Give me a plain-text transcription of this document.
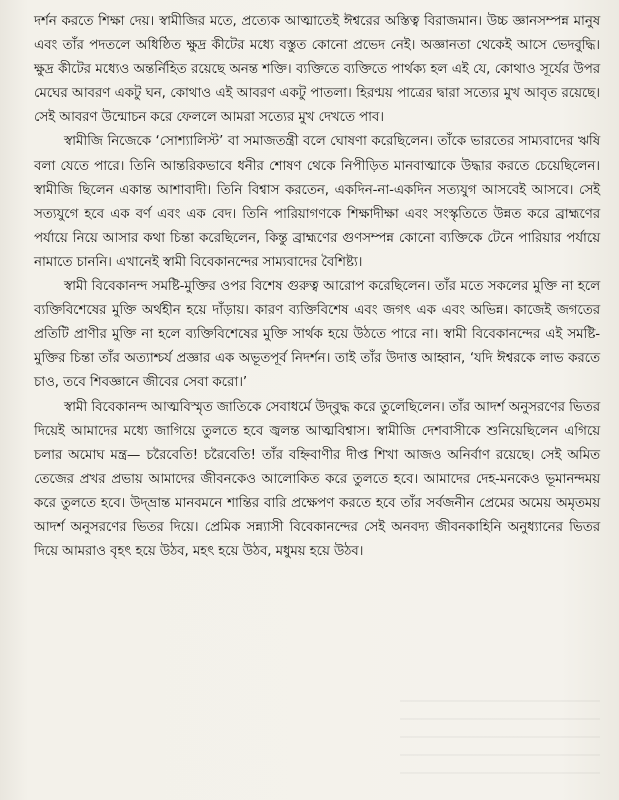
দর্শন করতে শিক্ষা দেয়। স্বামীজির মতে, প্রত্যেক আত্মাতেই ঈশ্বরের অস্তিত্ব বিরাজমান। উচ্চ জ্ঞানসম্পন্ন মানুষ এবং তাঁর পদতলে অধিষ্ঠিত ক্ষুদ্র কীটের মধ্যে বস্তুত কোনো প্রভেদ নেই। অজ্ঞানতা থেকেই আসে ভেদবুদ্ধি। ক্ষুদ্র কীটের মধ্যেও অন্তর্নিহিত রয়েছে অনন্ত শক্তি। ব্যক্তিতে ব্যক্তিতে পার্থক্য হল এই যে, কোথাও সূর্যের উপর মেঘের আবরণ একটু ঘন, কোথাও এই আবরণ একটু পাতলা। হিরণ্ময় পাত্রের দ্বারা সত্যের মুখ আবৃত রয়েছে। সেই আবরণ উন্মোচন করে ফেললে আমরা সত্যের মুখ দেখতে পাব।

স্বামীজি নিজেকে ‘সোশ্যালিস্ট’ বা সমাজতন্ত্রী বলে ঘোষণা করেছিলেন। তাঁকে ভারতের সাম্যবাদের ঋষি বলা যেতে পারে। তিনি আন্তরিকভাবে ধনীর শোষণ থেকে নিপীড়িত মানবাত্মাকে উদ্ধার করতে চেয়েছিলেন। স্বামীজি ছিলেন একান্ত আশাবাদী। তিনি বিশ্বাস করতেন, একদিন-না-একদিন সত্যযুগ আসবেই আসবে। সেই সত্যযুগে হবে এক বর্ণ এবং এক বেদ। তিনি পারিয়াগণকে শিক্ষাদীক্ষা এবং সংস্কৃতিতে উন্নত করে ব্রাহ্মণের পর্যায়ে নিয়ে আসার কথা চিন্তা করেছিলেন, কিন্তু ব্রাহ্মণের গুণসম্পন্ন কোনো ব্যক্তিকে টেনে পারিয়ার পর্যায়ে নামাতে চাননি। এখানেই স্বামী বিবেকানন্দের সাম্যবাদের বৈশিষ্ট্য।

স্বামী বিবেকানন্দ সমষ্টি-মুক্তির ওপর বিশেষ গুরুত্ব আরোপ করেছিলেন। তাঁর মতে সকলের মুক্তি না হলে ব্যক্তিবিশেষের মুক্তি অর্থহীন হয়ে দাঁড়ায়। কারণ ব্যক্তিবিশেষ এবং জগৎ এক এবং অভিন্ন। কাজেই জগতের প্রতিটি প্রাণীর মুক্তি না হলে ব্যক্তিবিশেষের মুক্তি সার্থক হয়ে উঠতে পারে না। স্বামী বিবেকানন্দের এই সমষ্টি-মুক্তির চিন্তা তাঁর অত্যাশ্চর্য প্রজ্ঞার এক অভূতপূর্ব নিদর্শন। তাই তাঁর উদাত্ত আহ্বান, ‘যদি ঈশ্বরকে লাভ করতে চাও, তবে শিবজ্ঞানে জীবের সেবা করো।’

স্বামী বিবেকানন্দ আত্মবিস্মৃত জাতিকে সেবাধর্মে উদ্‌বুদ্ধ করে তুলেছিলেন। তাঁর আদর্শ অনুসরণের ভিতর দিয়েই আমাদের মধ্যে জাগিয়ে তুলতে হবে জ্বলন্ত আত্মবিশ্বাস। স্বামীজি দেশবাসীকে শুনিয়েছিলেন এগিয়ে চলার অমোঘ মন্ত্র— চরৈবেতি! চরৈবেতি! তাঁর বহ্নিবাণীর দীপ্ত শিখা আজও অনির্বাণ রয়েছে। সেই অমিত তেজের প্রখর প্রভায় আমাদের জীবনকেও আলোকিত করে তুলতে হবে। আমাদের দেহ-মনকেও ভূমানন্দময় করে তুলতে হবে। উদ্‌ভ্রান্ত মানবমনে শান্তির বারি প্রক্ষেপণ করতে হবে তাঁর সর্বজনীন প্রেমের অমেয় অমৃতময় আদর্শ অনুসরণের ভিতর দিয়ে। প্রেমিক সন্ন্যাসী বিবেকানন্দের সেই অনবদ্য জীবনকাহিনি অনুধ্যানের ভিতর দিয়ে আমরাও বৃহৎ হয়ে উঠব, মহৎ হয়ে উঠব, মধুময় হয়ে উঠব।
